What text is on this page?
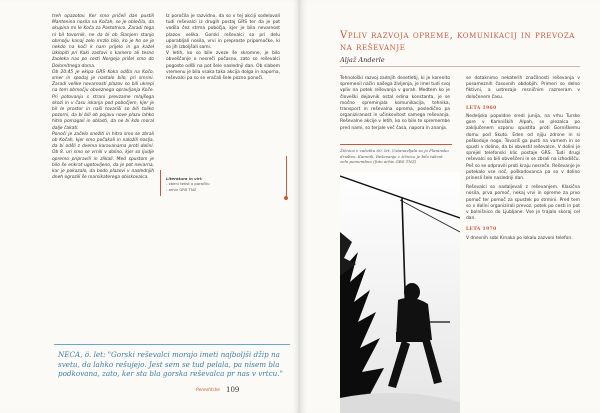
treh opazotov. Ker smo pričeli dan pustili Mantenina nosila na Kočah, se je oblečila, da skupina mi le Koča za Pastotnico. Zaradi tega ni bil tovornik, ne da bi ob Slanjem stanjo obmolju kanaj zelo mrzlo bilo, ko je ho se je nekdo na koči k nam prijelo in ga kažel izklopiti pri Kaki zastavi s kamero ali tesno žaoleka nas po cesti Norgeja prišel smo do Dolomitnega doma.

Ob 20:45 je ekipa GRS Koka odšla na Kočo, smer in spodaj je nastalo bilo, pri smrini. Zaradi velike nevarnosti plazov so bili ukrepi na tem območju obveznega opravljanja Koče. Pri potovanju s strani prevzame mlajšega skozi in v času iskanja pod pobočjem, kjer je bil le prostor in naši tovariši so bili toliko pozorni, da bi bili ob pojavu nove plazu lahko hitro pomagali in oblasti, da ne bi kdo moral dalje čakati.

Ponoči je začelo snežiti in hitro smo se zbrali ob Kočah, kjer smo počakali in naložili noslja, da bi odšli z dvema karavanama proti dolini. Ob 8. uri smo se vrnili v dolino, kjer so ljudje opremo pripravili in zlikali. Med spustom je bilo še enkrat ugotovljeno, da je pot nevarna, kar je pokazalo, da bodo plazovi v naslednjih dneh ogrozili še marsikaterega obiskovalca.

Iz poročila je razvidno, da so v tej akciji sodelovali tudi reševalci iz drugih postaj GRS ter da je pot vodila čez strma pobočja, kjer je bila nevarnost plazov velika. Gorski reševalci so pri delu uporabljali nosila, vrvi in preproste pripomočke, ki so jih izboljšali sami.

V letih, ko so bile zveze še skromne, je bilo obveščanje o nesreči počasno, zato so reševalci pogosto odšli na pot šele naslednji dan. Ob slabem vremenu je bila vsaka taka akcija dolga in naporna, reševalci pa so se vračali šele pozno ponoči.

Literatura in viri:
- zbirni tekst o poročilu
- arhiv GRS TNZ
NECA, ö. let: "Gorski reševalci morajo imeti najboljši džip na svetu, da lahko rešujejo. Jest sem se tud pelala, pa nisem bla podkovana, zato, ker sta bla gorska reševalca pr nas v vrtcu."
Pereshtrbe 109
Vpliv razvoja opreme, komunikacij in prevoza na reševanje
Aljaž Anderle

Tehnološki razvoj zadnjih desetletij, ki je korenito spremenil način našega življenja, je imel tudi svoj vpliv na potek reševanja v gorah. Medtem ko je človeški dejavnik ostal edina konstanta, je se močno spreminjala komunikacija, tehnika, transport in reševalna oprema, posledično pa organiziranost in učinkovitost samega reševanja. Reševalne akcije v letih, ko so bile te spremembe pred nami, so terjale več časa, napora in znanja.

Žičnica v začetku 60. let. Ustanavljala so jo Planinsko društvo, Kamnik, Reševanje z žičnico je bilo takrat zelo pomembno (foto arhiv GRS TNZ)

se dotaknimo nekaterih značilnosti reševanja v posameznih časovnih obdobjih. Primeri so delno fiktivni, a ustrezajo resničnim razmeram v določenem času.

LETA 1960

Nedeljsko popoldne sredi junija, na vrhu Turske gore v Kamniških Alpah, se plezalca po zaključenem vzponu spustita proti Gorniškemu domu pod Skuto. Eden od njiju zdrsne in si poškoduje nogo. Tovariš ga pusti na varnem in se spusti v dolino, da bi obvestil reševalce. V dolini je sprejel telefonski klic postaje GRS. Tudi drugi reševalci so bili obveščeni in se zbrali na izhodišču. Peš so se odpravili proti kraju nesreče. Reševanje je potekalo vse noč, poškodovanca pa so v dolino prinesli šele naslednji dan.

Reševalci so nadaljevali z reševanjem. Klasična nosila, prva pomoč, nekaj vrvi in opreme za prvo pomoč ter pomoč za spustek po strmini. Pred tem so v dolini organizirali prevoz, potek po cesti in pot v bolnišnico do Ljubljane. Vse je trajalo skoraj cel dan.

LETA 1970

V dnevnih sobi Krnaka po lokalu zazvoni telefon.
